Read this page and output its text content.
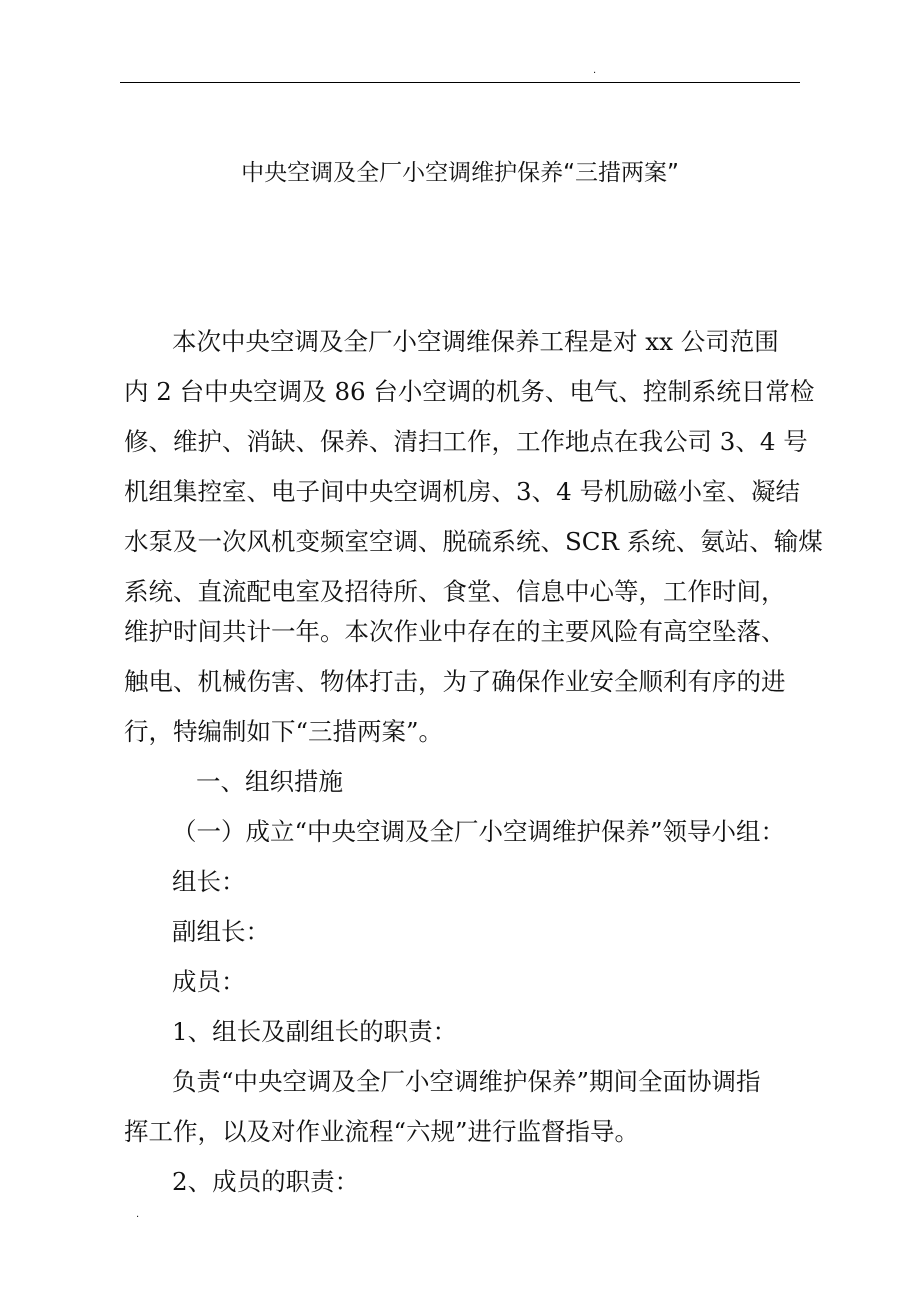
.
中央空调及全厂小空调维护保养“三措两案”
本次中央空调及全厂小空调维保养工程是对 xx 公司范围
内 2 台中央空调及 86 台小空调的机务、电气、控制系统日常检
修、维护、消缺、保养、清扫工作，工作地点在我公司 3、4 号
机组集控室、电子间中央空调机房、3、4 号机励磁小室、凝结
水泵及一次风机变频室空调、脱硫系统、SCR 系统、氨站、输煤
系统、直流配电室及招待所、食堂、信息中心等，工作时间，
维护时间共计一年。本次作业中存在的主要风险有高空坠落、
触电、机械伤害、物体打击，为了确保作业安全顺利有序的进
行，特编制如下“三措两案”。
一、组织措施
（一）成立“中央空调及全厂小空调维护保养”领导小组：
组长：
副组长：
成员：
1、组长及副组长的职责：
负责“中央空调及全厂小空调维护保养”期间全面协调指
挥工作，以及对作业流程“六规”进行监督指导。
2、成员的职责：
.
